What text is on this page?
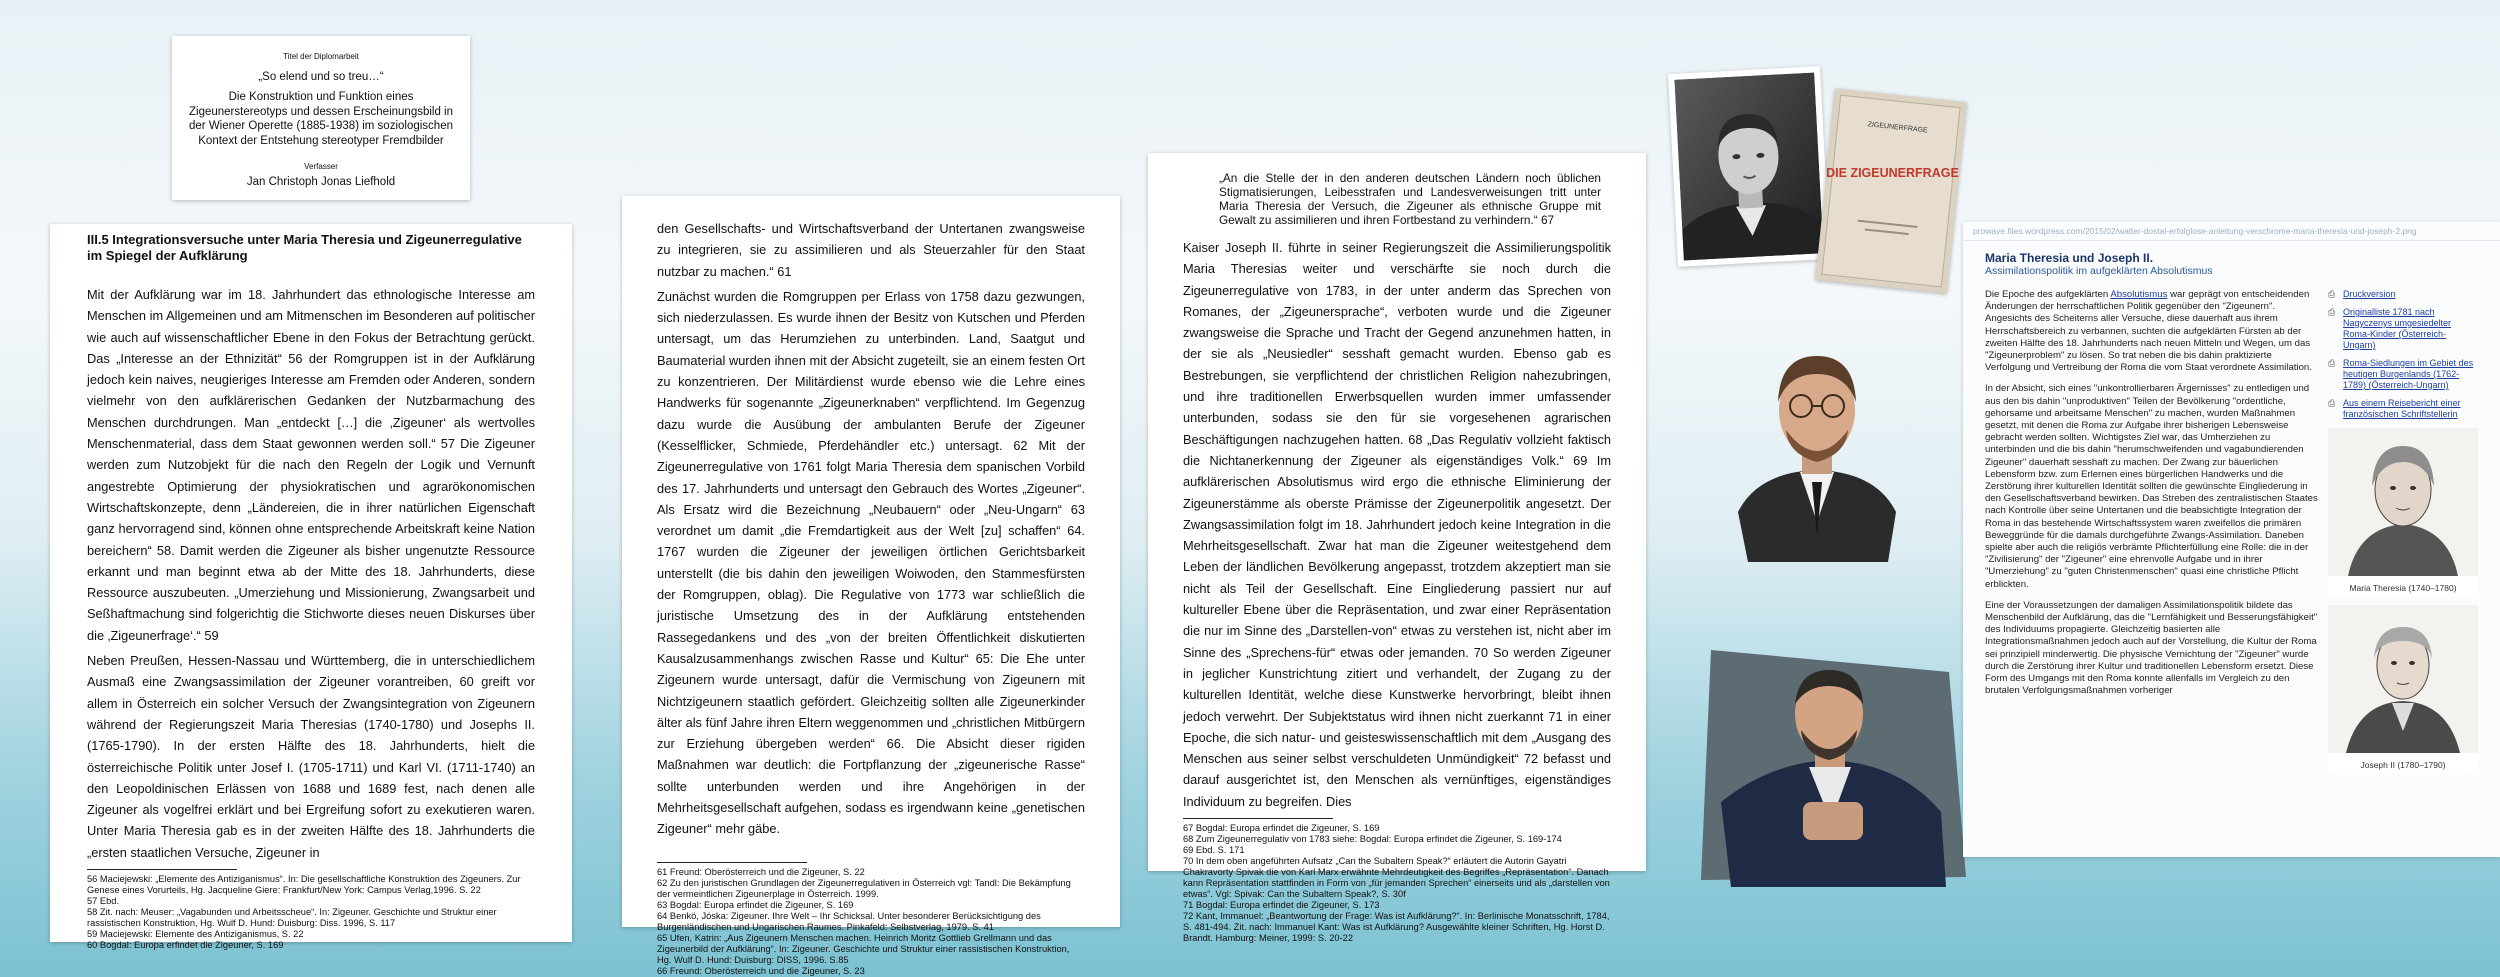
Titel der Diplomarbeit
„So elend und so treu…“
Die Konstruktion und Funktion eines Zigeunerstereotyps und dessen Erscheinungsbild in der Wiener Operette (1885-1938) im soziologischen Kontext der Entstehung stereotyper Fremdbilder
Verfasser
Jan Christoph Jonas Liefhold
III.5 Integrationsversuche unter Maria Theresia und Zigeunerregulative im Spiegel der Aufklärung

Mit der Aufklärung war im 18. Jahrhundert das ethnologische Interesse am Menschen im Allgemeinen und am Mitmenschen im Besonderen auf politischer wie auch auf wissenschaftlicher Ebene in den Fokus der Betrachtung gerückt. Das „Interesse an der Ethnizität“ 56 der Romgruppen ist in der Aufklärung jedoch kein naives, neugieriges Interesse am Fremden oder Anderen, sondern vielmehr von den aufklärerischen Gedanken der Nutzbarmachung des Menschen durchdrungen. Man „entdeckt […] die ‚Zigeuner‘ als wertvolles Menschenmaterial, dass dem Staat gewonnen werden soll.“ 57 Die Zigeuner werden zum Nutzobjekt für die nach den Regeln der Logik und Vernunft angestrebte Optimierung der physiokratischen und agrarökonomischen Wirtschaftskonzepte, denn „Ländereien, die in ihrer natürlichen Eigenschaft ganz hervorragend sind, können ohne entsprechende Arbeitskraft keine Nation bereichern“ 58. Damit werden die Zigeuner als bisher ungenutzte Ressource erkannt und man beginnt etwa ab der Mitte des 18. Jahrhunderts, diese Ressource auszubeuten. „Umerziehung und Missionierung, Zwangsarbeit und Seßhaftmachung sind folgerichtig die Stichworte dieses neuen Diskurses über die ‚Zigeunerfrage‘.“ 59

Neben Preußen, Hessen-Nassau und Württemberg, die in unterschiedlichem Ausmaß eine Zwangsassimilation der Zigeuner vorantreiben, 60 greift vor allem in Österreich ein solcher Versuch der Zwangsintegration von Zigeunern während der Regierungszeit Maria Theresias (1740-1780) und Josephs II. (1765-1790). In der ersten Hälfte des 18. Jahrhunderts, hielt die österreichische Politik unter Josef I. (1705-1711) und Karl VI. (1711-1740) an den Leopoldinischen Erlässen von 1688 und 1689 fest, nach denen alle Zigeuner als vogelfrei erklärt und bei Ergreifung sofort zu exekutieren waren. Unter Maria Theresia gab es in der zweiten Hälfte des 18. Jahrhunderts die „ersten staatlichen Versuche, Zigeuner in

56 Maciejewski: „Elemente des Antiziganismus“. In: Die gesellschaftliche Konstruktion des Zigeuners. Zur Genese eines Vorurteils, Hg. Jacqueline Giere: Frankfurt/New York: Campus Verlag,1996. S. 22
57 Ebd.
58 Zit. nach: Meuser: „Vagabunden und Arbeitsscheue“. In: Zigeuner. Geschichte und Struktur einer rassistischen Konstruktion, Hg. Wulf D. Hund: Duisburg: Diss. 1996, S. 117
59 Maciejewski: Elemente des Antiziganismus, S. 22
60 Bogdal: Europa erfindet die Zigeuner, S. 169

den Gesellschafts- und Wirtschaftsverband der Untertanen zwangsweise zu integrieren, sie zu assimilieren und als Steuerzahler für den Staat nutzbar zu machen.“ 61

Zunächst wurden die Romgruppen per Erlass von 1758 dazu gezwungen, sich niederzulassen. Es wurde ihnen der Besitz von Kutschen und Pferden untersagt, um das Herumziehen zu unterbinden. Land, Saatgut und Baumaterial wurden ihnen mit der Absicht zugeteilt, sie an einem festen Ort zu konzentrieren. Der Militärdienst wurde ebenso wie die Lehre eines Handwerks für sogenannte „Zigeunerknaben“ verpflichtend. Im Gegenzug dazu wurde die Ausübung der ambulanten Berufe der Zigeuner (Kesselflicker, Schmiede, Pferdehändler etc.) untersagt. 62 Mit der Zigeunerregulative von 1761 folgt Maria Theresia dem spanischen Vorbild des 17. Jahrhunderts und untersagt den Gebrauch des Wortes „Zigeuner“. Als Ersatz wird die Bezeichnung „Neubauern“ oder „Neu-Ungarn“ 63 verordnet um damit „die Fremdartigkeit aus der Welt [zu] schaffen“ 64. 1767 wurden die Zigeuner der jeweiligen örtlichen Gerichtsbarkeit unterstellt (die bis dahin den jeweiligen Woiwoden, den Stammesfürsten der Romgruppen, oblag). Die Regulative von 1773 war schließlich die juristische Umsetzung des in der Aufklärung entstehenden Rassegedankens und des „von der breiten Öffentlichkeit diskutierten Kausalzusammenhangs zwischen Rasse und Kultur“ 65: Die Ehe unter Zigeunern wurde untersagt, dafür die Vermischung von Zigeunern mit Nichtzigeunern staatlich gefördert. Gleichzeitig sollten alle Zigeunerkinder älter als fünf Jahre ihren Eltern weggenommen und „christlichen Mitbürgern zur Erziehung übergeben werden“ 66. Die Absicht dieser rigiden Maßnahmen war deutlich: die Fortpflanzung der „zigeunerische Rasse“ sollte unterbunden werden und ihre Angehörigen in der Mehrheitsgesellschaft aufgehen, sodass es irgendwann keine „genetischen Zigeuner“ mehr gäbe.

61 Freund: Oberösterreich und die Zigeuner, S. 22
62 Zu den juristischen Grundlagen der Zigeunerregulativen in Österreich vgl: Tandl: Die Bekämpfung der vermeintlichen Zigeunerplage in Österreich. 1999.
63 Bogdal: Europa erfindet die Zigeuner, S. 169
64 Benkö, Jóska: Zigeuner. Ihre Welt – Ihr Schicksal. Unter besonderer Berücksichtigung des Burgenländischen und Ungarischen Raumes. Pinkafeld: Selbstverlag, 1979. S. 41
65 Ufen, Katrin: „Aus Zigeunern Menschen machen. Heinrich Moritz Gottlieb Grellmann und das Zigeunerbild der Aufklärung“. In: Zigeuner. Geschichte und Struktur einer rassistischen Konstruktion, Hg. Wulf D. Hund: Duisburg: DISS, 1996. S.85
66 Freund: Oberösterreich und die Zigeuner, S. 23
„An die Stelle der in den anderen deutschen Ländern noch üblichen Stigmatisierungen, Leibesstrafen und Landesverweisungen tritt unter Maria Theresia der Versuch, die Zigeuner als ethnische Gruppe mit Gewalt zu assimilieren und ihren Fortbestand zu verhindern.“ 67

Kaiser Joseph II. führte in seiner Regierungszeit die Assimilierungspolitik Maria Theresias weiter und verschärfte sie noch durch die Zigeunerregulative von 1783, in der unter anderm das Sprechen von Romanes, der „Zigeunersprache“, verboten wurde und die Zigeuner zwangsweise die Sprache und Tracht der Gegend anzunehmen hatten, in der sie als „Neusiedler“ sesshaft gemacht wurden. Ebenso gab es Bestrebungen, sie verpflichtend der christlichen Religion nahezubringen, und ihre traditionellen Erwerbsquellen wurden immer umfassender unterbunden, sodass sie den für sie vorgesehenen agrarischen Beschäftigungen nachzugehen hatten. 68 „Das Regulativ vollzieht faktisch die Nichtanerkennung der Zigeuner als eigenständiges Volk.“ 69 Im aufklärerischen Absolutismus wird ergo die ethnische Eliminierung der Zigeunerstämme als oberste Prämisse der Zigeunerpolitik angesetzt. Der Zwangsassimilation folgt im 18. Jahrhundert jedoch keine Integration in die Mehrheitsgesellschaft. Zwar hat man die Zigeuner weitestgehend dem Leben der ländlichen Bevölkerung angepasst, trotzdem akzeptiert man sie nicht als Teil der Gesellschaft. Eine Eingliederung passiert nur auf kultureller Ebene über die Repräsentation, und zwar einer Repräsentation die nur im Sinne des „Darstellen-von“ etwas zu verstehen ist, nicht aber im Sinne des „Sprechens-für“ etwas oder jemanden. 70 So werden Zigeuner in jeglicher Kunstrichtung zitiert und verhandelt, der Zugang zu der kulturellen Identität, welche diese Kunstwerke hervorbringt, bleibt ihnen jedoch verwehrt. Der Subjektstatus wird ihnen nicht zuerkannt 71 in einer Epoche, die sich natur- und geisteswissenschaftlich mit dem „Ausgang des Menschen aus seiner selbst verschuldeten Unmündigkeit“ 72 befasst und darauf ausgerichtet ist, den Menschen als vernünftiges, eigenständiges Individuum zu begreifen. Dies

67 Bogdal: Europa erfindet die Zigeuner, S. 169
68 Zum Zigeunerregulativ von 1783 siehe: Bogdal: Europa erfindet die Zigeuner, S. 169-174
69 Ebd. S. 171
70 In dem oben angeführten Aufsatz „Can the Subaltern Speak?“ erläutert die Autorin Gayatri Chakravorty Spivak die von Karl Marx erwähnte Mehrdeutigkeit des Begriffes „Repräsentation“. Danach kann Repräsentation stattfinden in Form von „für jemanden Sprechen“ einerseits und als „darstellen von etwas“. Vgl: Spivak: Can the Subaltern Speak?, S. 30f
71 Bogdal: Europa erfindet die Zigeuner, S. 173
72 Kant, Immanuel: „Beantwortung der Frage: Was ist Aufklärung?“. In: Berlinische Monatsschrift, 1784, S. 481-494. Zit. nach: Immanuel Kant: Was ist Aufklärung? Ausgewählte kleiner Schriften, Hg. Horst D. Brandt. Hamburg: Meiner, 1999: S. 20-22
ZIGEUNERFRAGE
DIE ZIGEUNERFRAGE
prowave.files.wordpress.com/2015/02/walter-dostal-erfolglose-anleitung-verschrome-maria-theresia-und-joseph-2.png
Maria Theresia und Joseph II.
Assimilationspolitik im aufgeklärten Absolutismus

Die Epoche des aufgeklärten Absolutismus war geprägt von entscheidenden Änderungen der herrschaftlichen Politik gegenüber den "Zigeunern". Angesichts des Scheiterns aller Versuche, diese dauerhaft aus ihrem Herrschaftsbereich zu verbannen, suchten die aufgeklärten Fürsten ab der zweiten Hälfte des 18. Jahrhunderts nach neuen Mitteln und Wegen, um das "Zigeunerproblem" zu lösen. So trat neben die bis dahin praktizierte Verfolgung und Vertreibung der Roma die vom Staat verordnete Assimilation.

In der Absicht, sich eines "unkontrollierbaren Ärgernisses" zu entledigen und aus den bis dahin "unproduktiven" Teilen der Bevölkerung "ordentliche, gehorsame und arbeitsame Menschen" zu machen, wurden Maßnahmen gesetzt, mit denen die Roma zur Aufgabe ihrer bisherigen Lebensweise gebracht werden sollten. Wichtigstes Ziel war, das Umherziehen zu unterbinden und die bis dahin "herumschweifenden und vagabundierenden Zigeuner" dauerhaft sesshaft zu machen. Der Zwang zur bäuerlichen Lebensform bzw. zum Erlernen eines bürgerlichen Handwerks und die Zerstörung ihrer kulturellen Identität sollten die gewünschte Eingliederung in den Gesellschaftsverband bewirken. Das Streben des zentralistischen Staates nach Kontrolle über seine Untertanen und die beabsichtigte Integration der Roma in das bestehende Wirtschaftssystem waren zweifellos die primären Beweggründe für die damals durchgeführte Zwangs-Assimilation. Daneben spielte aber auch die religiös verbrämte Pflichterfüllung eine Rolle: die in der "Zivilisierung" der "Zigeuner" eine ehrenvolle Aufgabe und in ihrer "Umerziehung" zu "guten Christenmenschen" quasi eine christliche Pflicht erblickten.

Eine der Voraussetzungen der damaligen Assimilationspolitik bildete das Menschenbild der Aufklärung, das die "Lernfähigkeit und Besserungsfähigkeit" des Individuums propagierte. Gleichzeitig basierten alle Integrationsmaßnahmen jedoch auch auf der Vorstellung, die Kultur der Roma sei prinzipiell minderwertig. Die physische Vernichtung der "Zigeuner" wurde durch die Zerstörung ihrer Kultur und traditionellen Lebensform ersetzt. Diese Form des Umgangs mit den Roma konnte allenfalls im Vergleich zu den brutalen Verfolgungsmaßnahmen vorheriger

⎙ Druckversion
⎙ Originalliste 1781 nach Nagyczenys umgesiedelter Roma-Kinder (Österreich-Ungarn)
⎙ Roma-Siedlungen im Gebiet des heutigen Burgenlands (1762-1789) (Österreich-Ungarn)
⎙ Aus einem Reisebericht einer französischen Schriftstellerin
Maria Theresia (1740–1780)
Joseph II (1780–1790)
